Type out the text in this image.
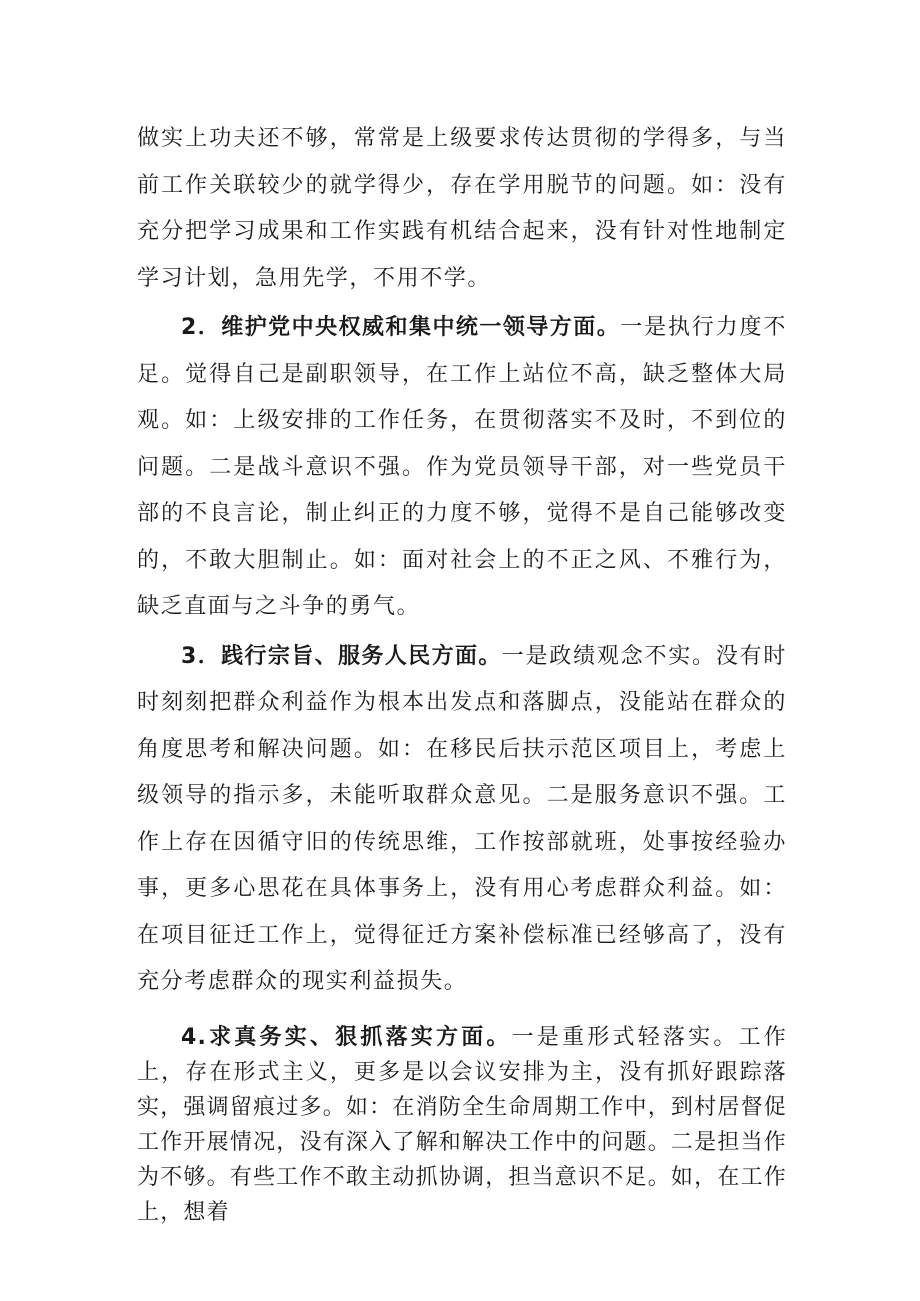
做实上功夫还不够，常常是上级要求传达贯彻的学得多，与当前工作关联较少的就学得少，存在学用脱节的问题。如：没有充分把学习成果和工作实践有机结合起来，没有针对性地制定学习计划，急用先学，不用不学。

2．维护党中央权威和集中统一领导方面。一是执行力度不足。觉得自己是副职领导，在工作上站位不高，缺乏整体大局观。如：上级安排的工作任务，在贯彻落实不及时，不到位的问题。二是战斗意识不强。作为党员领导干部，对一些党员干部的不良言论，制止纠正的力度不够，觉得不是自己能够改变的，不敢大胆制止。如：面对社会上的不正之风、不雅行为，缺乏直面与之斗争的勇气。

3．践行宗旨、服务人民方面。一是政绩观念不实。没有时时刻刻把群众利益作为根本出发点和落脚点，没能站在群众的角度思考和解决问题。如：在移民后扶示范区项目上，考虑上级领导的指示多，未能听取群众意见。二是服务意识不强。工作上存在因循守旧的传统思维，工作按部就班，处事按经验办事，更多心思花在具体事务上，没有用心考虑群众利益。如：在项目征迁工作上，觉得征迁方案补偿标准已经够高了，没有充分考虑群众的现实利益损失。

4.求真务实、狠抓落实方面。一是重形式轻落实。工作上，存在形式主义，更多是以会议安排为主，没有抓好跟踪落实，强调留痕过多。如：在消防全生命周期工作中，到村居督促工作开展情况，没有深入了解和解决工作中的问题。二是担当作为不够。有些工作不敢主动抓协调，担当意识不足。如，在工作上，想着
